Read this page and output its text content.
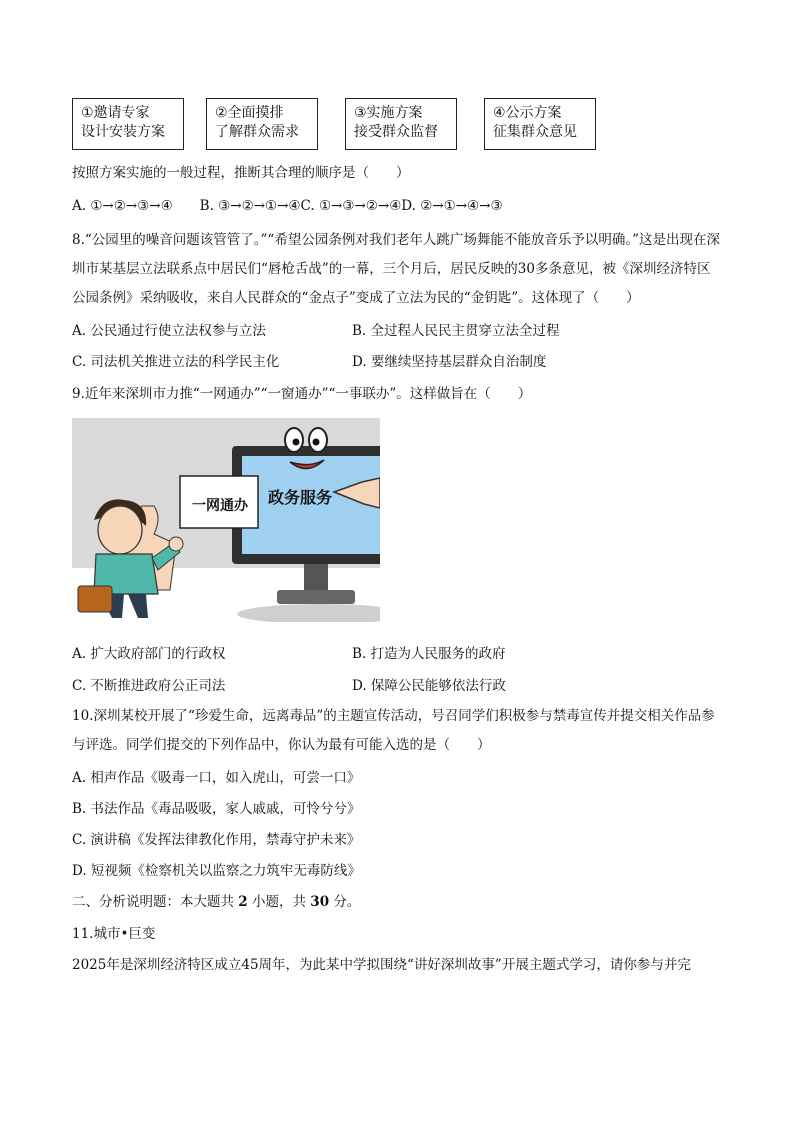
①邀请专家
设计安装方案
②全面摸排
了解群众需求
③实施方案
接受群众监督
④公示方案
征集群众意见
按照方案实施的一般过程，推断其合理的顺序是（　　）
A. ①→②→③→④　　B. ③→②→①→④C. ①→③→②→④D. ②→①→④→③
8.“公园里的噪音问题该管管了。”“希望公园条例对我们老年人跳广场舞能不能放音乐予以明确。”这是出现在深圳市某基层立法联系点中居民们“唇枪舌战”的一幕，三个月后，居民反映的30多条意见，被《深圳经济特区公园条例》采纳吸收，来自人民群众的“金点子”变成了立法为民的“金钥匙”。这体现了（　　）
A. 公民通过行使立法权参与立法	B. 全过程人民民主贯穿立法全过程
C. 司法机关推进立法的科学民主化	D. 要继续坚持基层群众自治制度
9.近年来深圳市力推“一网通办”“一窗通办”“一事联办”。这样做旨在（　　）
政务服务
一网通办
A. 扩大政府部门的行政权	B. 打造为人民服务的政府
C. 不断推进政府公正司法	D. 保障公民能够依法行政
10.深圳某校开展了“珍爱生命，远离毒品”的主题宣传活动，号召同学们积极参与禁毒宣传并提交相关作品参与评选。同学们提交的下列作品中，你认为最有可能入选的是（　　）
A. 相声作品《吸毒一口，如入虎山，可尝一口》
B. 书法作品《毒品吸吸，家人戚戚，可怜兮兮》
C. 演讲稿《发挥法律教化作用，禁毒守护未来》
D. 短视频《检察机关以监察之力筑牢无毒防线》
二、分析说明题：本大题共 2 小题，共 30 分。
11.城市•巨变
2025年是深圳经济特区成立45周年，为此某中学拟围绕“讲好深圳故事”开展主题式学习，请你参与并完
